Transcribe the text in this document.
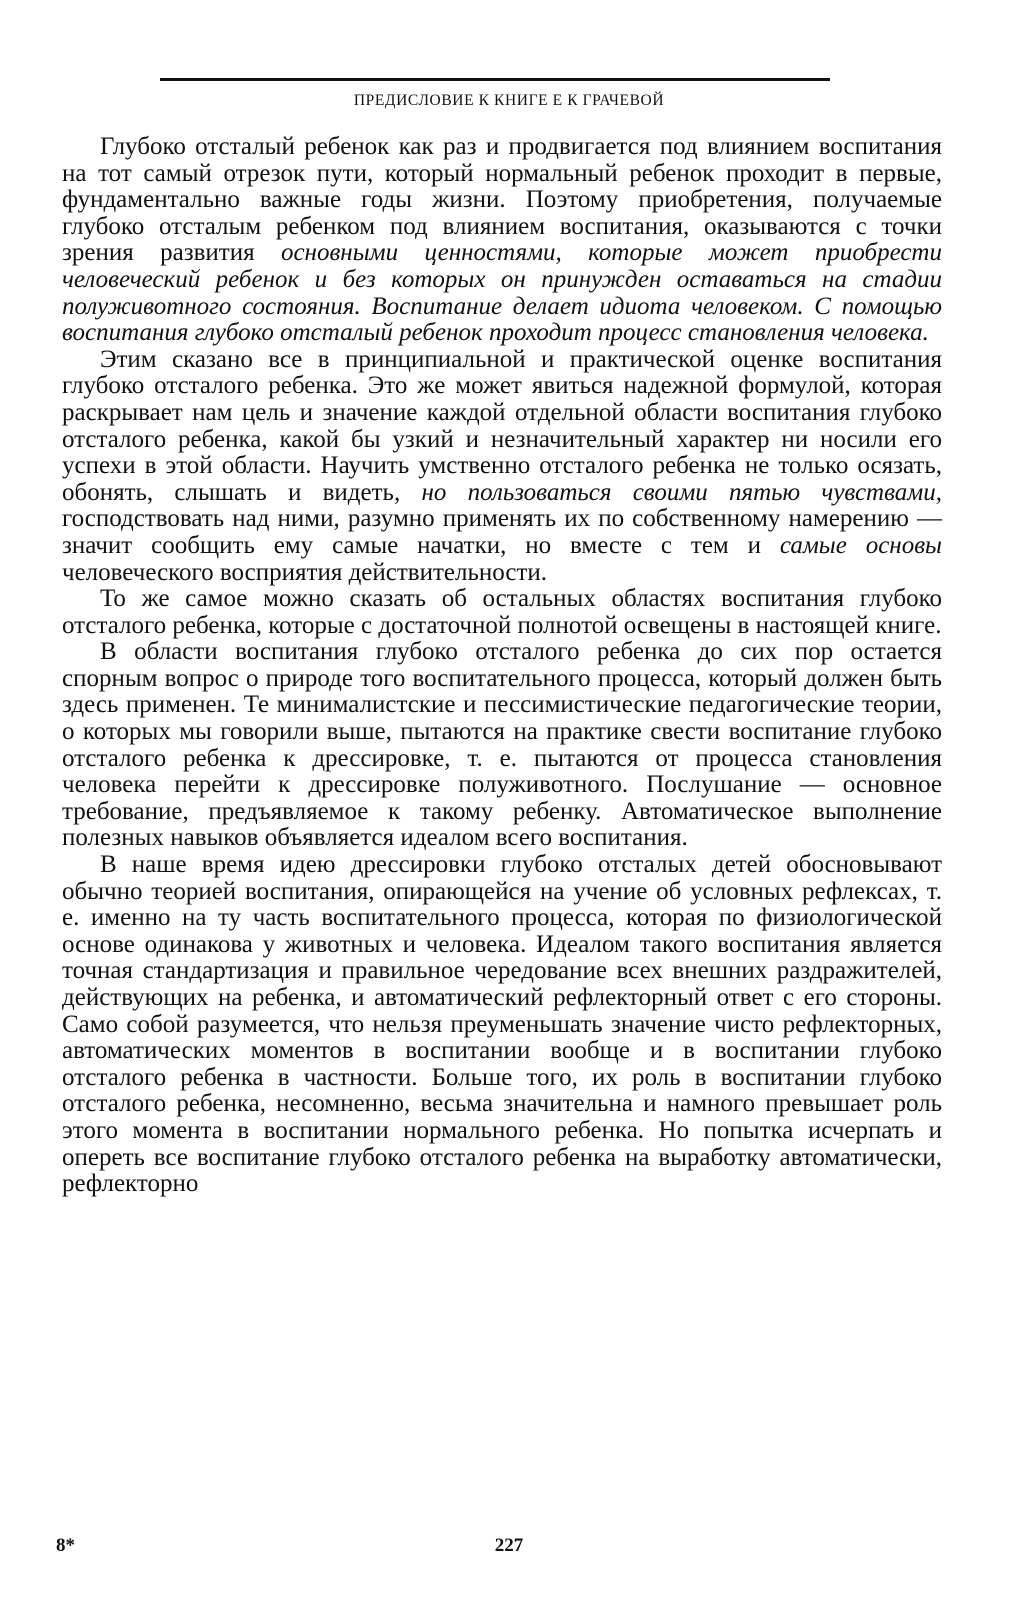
ПРЕДИСЛОВИЕ К КНИГЕ Е К ГРАЧЕВОЙ

Глубоко отсталый ребенок как раз и продвигается под влиянием воспитания на тот самый отрезок пути, который нормальный ребенок проходит в первые, фундаментально важные годы жизни. Поэтому приобретения, получаемые глубоко отсталым ребенком под влиянием воспитания, оказываются с точки зрения развития основными ценностями, которые может приобрести человеческий ребенок и без которых он принужден оставаться на стадии полуживотного состояния. Воспитание делает идиота человеком. С помощью воспитания глубоко отсталый ребенок проходит процесс становления человека.

Этим сказано все в принципиальной и практической оценке воспитания глубоко отсталого ребенка. Это же может явиться надежной формулой, которая раскрывает нам цель и значение каждой отдельной области воспитания глубоко отсталого ребенка, какой бы узкий и незначительный характер ни носили его успехи в этой области. Научить умственно отсталого ребенка не только осязать, обонять, слышать и видеть, но пользоваться своими пятью чувствами, господствовать над ними, разумно применять их по собственному намерению — значит сообщить ему самые начатки, но вместе с тем и самые основы человеческого восприятия действительности.

То же самое можно сказать об остальных областях воспитания глубоко отсталого ребенка, которые с достаточной полнотой освещены в настоящей книге.

В области воспитания глубоко отсталого ребенка до сих пор остается спорным вопрос о природе того воспитательного процесса, который должен быть здесь применен. Те минималистские и пессимистические педагогические теории, о которых мы говорили выше, пытаются на практике свести воспитание глубоко отсталого ребенка к дрессировке, т. е. пытаются от процесса становления человека перейти к дрессировке полуживотного. Послушание — основное требование, предъявляемое к такому ребенку. Автоматическое выполнение полезных навыков объявляется идеалом всего воспитания.

В наше время идею дрессировки глубоко отсталых детей обосновывают обычно теорией воспитания, опирающейся на учение об условных рефлексах, т. е. именно на ту часть воспитательного процесса, которая по физиологической основе одинакова у животных и человека. Идеалом такого воспитания является точная стандартизация и правильное чередование всех внешних раздражителей, действующих на ребенка, и автоматический рефлекторный ответ с его стороны. Само собой разумеется, что нельзя преуменьшать значение чисто рефлекторных, автоматических моментов в воспитании вообще и в воспитании глубоко отсталого ребенка в частности. Больше того, их роль в воспитании глубоко отсталого ребенка, несомненно, весьма значительна и намного превышает роль этого момента в воспитании нормального ребенка. Но попытка исчерпать и опереть все воспитание глубоко отсталого ребенка на выработку автоматически, рефлекторно

8*	227
